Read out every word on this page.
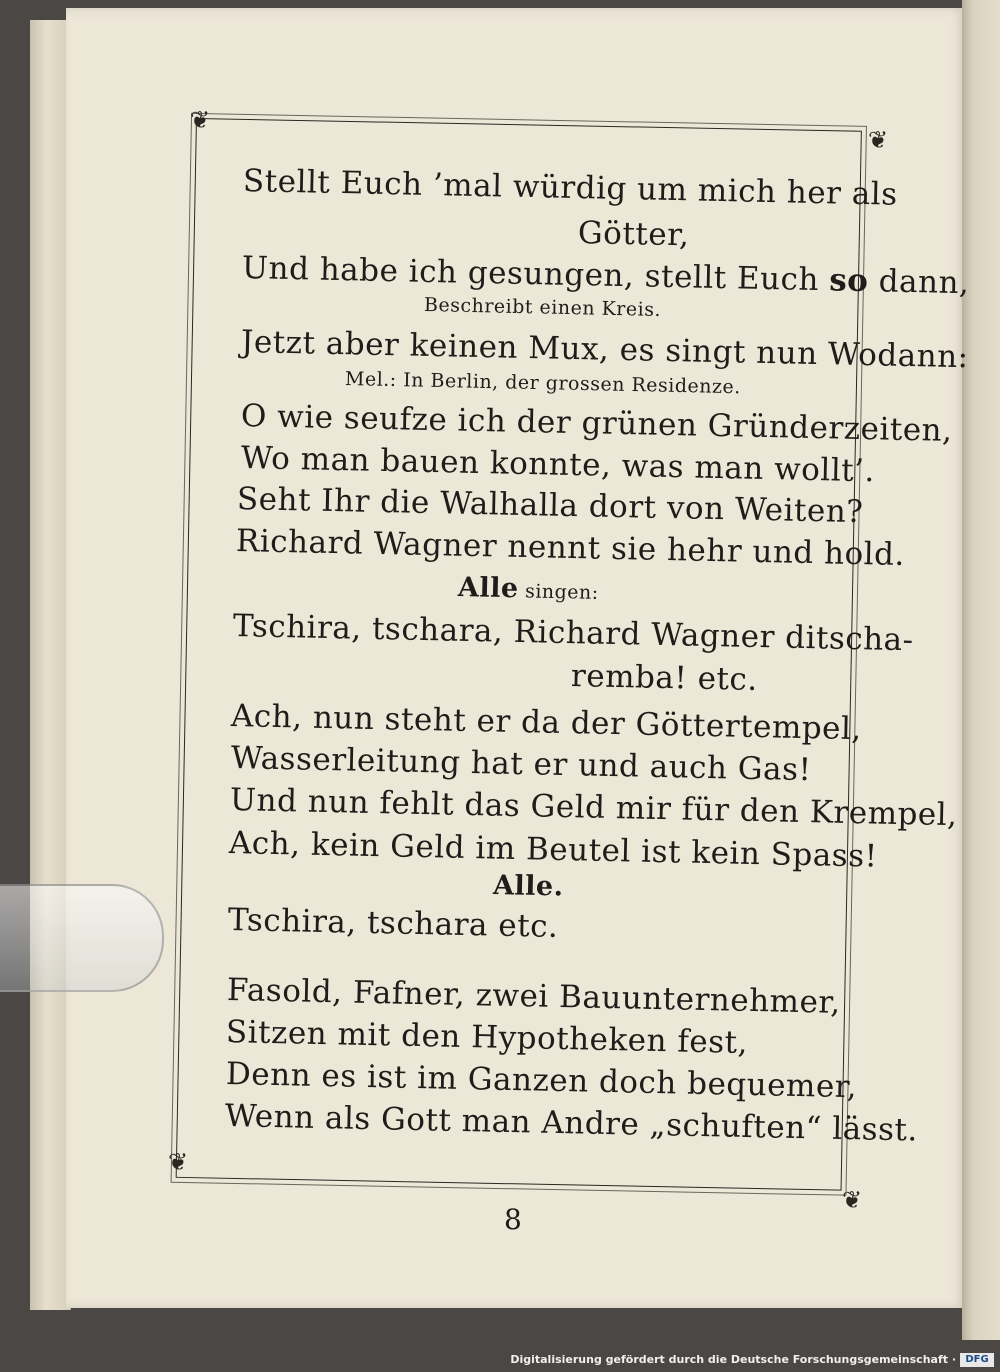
❦
❦
❦
❦
Stellt Euch ’mal würdig um mich her als
Götter,
Und habe ich gesungen, stellt Euch so dann,
Beschreibt einen Kreis.
Jetzt aber keinen Mux, es singt nun Wodann:
Mel.: In Berlin, der grossen Residenze.
O wie seufze ich der grünen Gründerzeiten,
Wo man bauen konnte, was man wollt’.
Seht Ihr die Walhalla dort von Weiten?
Richard Wagner nennt sie hehr und hold.
Alle singen:
Tschira, tschara, Richard Wagner ditscha-
remba! etc.
Ach, nun steht er da der Göttertempel,
Wasserleitung hat er und auch Gas!
Und nun fehlt das Geld mir für den Krempel,
Ach, kein Geld im Beutel ist kein Spass!
Alle.
Tschira, tschara etc.
Fasold, Fafner, zwei Bauunternehmer,
Sitzen mit den Hypotheken fest,
Denn es ist im Ganzen doch bequemer,
Wenn als Gott man Andre „schuften“ lässt.
8
Digitalisierung gefördert durch die Deutsche Forschungsgemeinschaft · DFG
